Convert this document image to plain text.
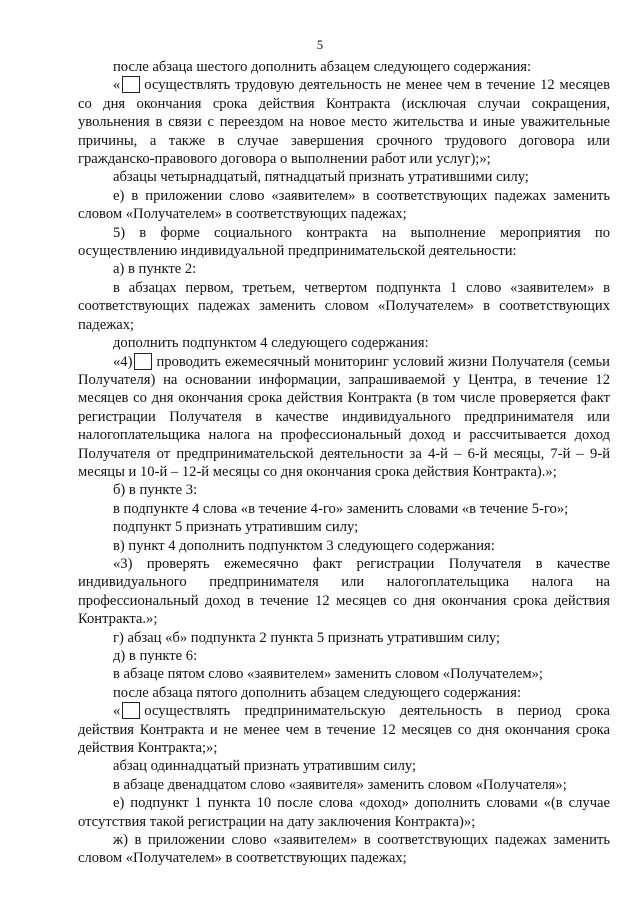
5

после абзаца шестого дополнить абзацем следующего содержания:

« осуществлять трудовую деятельность не менее чем в течение 12 месяцев со дня окончания срока действия Контракта (исключая случаи сокращения, увольнения в связи с переездом на новое место жительства и иные уважительные причины, а также в случае завершения срочного трудового договора или гражданско-правового договора о выполнении работ или услуг);»;

абзацы четырнадцатый, пятнадцатый признать утратившими силу;

е) в приложении слово «заявителем» в соответствующих падежах заменить словом «Получателем» в соответствующих падежах;

5) в форме социального контракта на выполнение мероприятия по осуществлению индивидуальной предпринимательской деятельности:

а) в пункте 2:

в абзацах первом, третьем, четвертом подпункта 1 слово «заявителем» в соответствующих падежах заменить словом «Получателем» в соответствующих падежах;

дополнить подпунктом 4 следующего содержания:

«4) проводить ежемесячный мониторинг условий жизни Получателя (семьи Получателя) на основании информации, запрашиваемой у Центра, в течение 12 месяцев со дня окончания срока действия Контракта (в том числе проверяется факт регистрации Получателя в качестве индивидуального предпринимателя или налогоплательщика налога на профессиональный доход и рассчитывается доход Получателя от предпринимательской деятельности за 4-й – 6-й месяцы, 7-й – 9-й месяцы и 10-й – 12-й месяцы со дня окончания срока действия Контракта).»;

б) в пункте 3:

в подпункте 4 слова «в течение 4-го» заменить словами «в течение 5-го»;

подпункт 5 признать утратившим силу;

в) пункт 4 дополнить подпунктом 3 следующего содержания:

«3) проверять ежемесячно факт регистрации Получателя в качестве индивидуального предпринимателя или налогоплательщика налога на профессиональный доход в течение 12 месяцев со дня окончания срока действия Контракта.»;

г) абзац «б» подпункта 2 пункта 5 признать утратившим силу;

д) в пункте 6:

в абзаце пятом слово «заявителем» заменить словом «Получателем»;

после абзаца пятого дополнить абзацем следующего содержания:

« осуществлять предпринимательскую деятельность в период срока действия Контракта и не менее чем в течение 12 месяцев со дня окончания срока действия Контракта;»;

абзац одиннадцатый признать утратившим силу;

в абзаце двенадцатом слово «заявителя» заменить словом «Получателя»;

е) подпункт 1 пункта 10 после слова «доход» дополнить словами «(в случае отсутствия такой регистрации на дату заключения Контракта)»;

ж) в приложении слово «заявителем» в соответствующих падежах заменить словом «Получателем» в соответствующих падежах;
